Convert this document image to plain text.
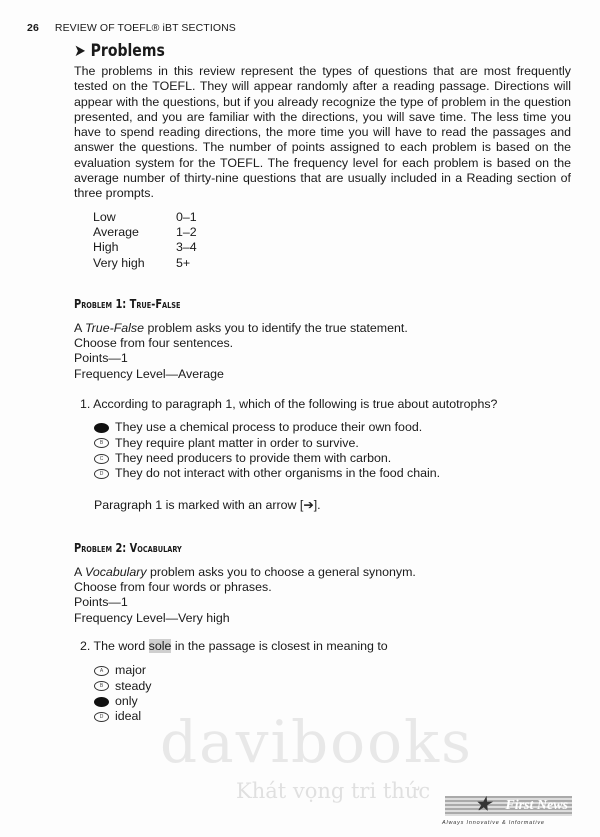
26 REVIEW OF TOEFL® iBT SECTIONS
➤ Problems

The problems in this review represent the types of questions that are most frequently tested on the TOEFL. They will appear randomly after a reading passage. Directions will appear with the questions, but if you already recognize the type of problem in the question presented, and you are familiar with the directions, you will save time. The less time you have to spend reading directions, the more time you will have to read the passages and answer the questions. The number of points assigned to each problem is based on the evaluation system for the TOEFL. The frequency level for each problem is based on the average number of thirty-nine questions that are usually included in a Reading section of three prompts.

Low	0–1
Average	1–2
High	3–4
Very high	5+
Problem 1: True-False
A True-False problem asks you to identify the true statement.
Choose from four sentences.
Points—1
Frequency Level—Average
1. According to paragraph 1, which of the following is true about autotrophs?
They use a chemical process to produce their own food.
B They require plant matter in order to survive.
C They need producers to provide them with carbon.
D They do not interact with other organisms in the food chain.
Paragraph 1 is marked with an arrow [➔].
Problem 2: Vocabulary
A Vocabulary problem asks you to choose a general synonym.
Choose from four words or phrases.
Points—1
Frequency Level—Very high
2. The word sole in the passage is closest in meaning to
A major
B steady
only
D ideal davibooks
Khát vọng tri thức
★	First News
Always Innovative & Informative
